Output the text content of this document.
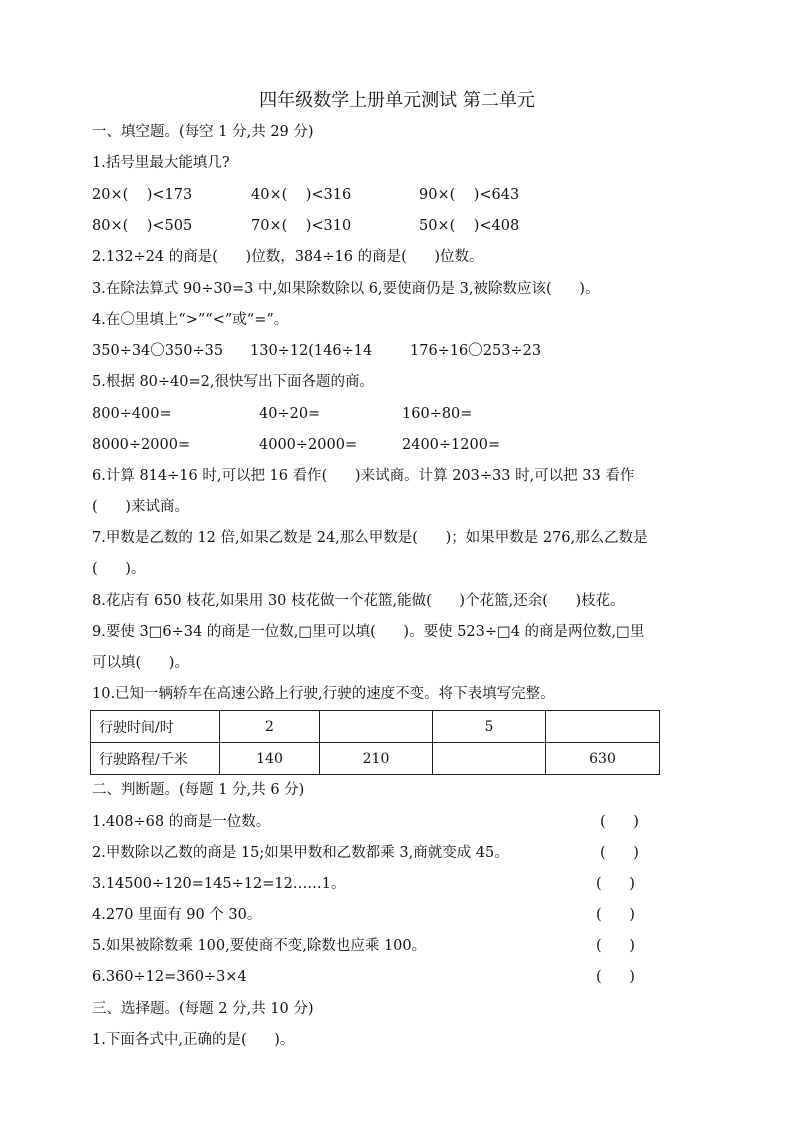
四年级数学上册单元测试 第二单元
一、填空题。(每空 1 分,共 29 分)
1.括号里最大能填几?
20×(    )<173	40×(    )<316	90×(    )<643
80×(    )<505	70×(    )<310	50×(    )<408
2.132÷24 的商是(      )位数，384÷16 的商是(      )位数。
3.在除法算式 90÷30=3 中,如果除数除以 6,要使商仍是 3,被除数应该(      )。
4.在〇里填上“>”“<”或“=”。
350÷34〇350÷35 130÷12(146÷14	176÷16〇253÷23
5.根据 80÷40=2,很快写出下面各题的商。
800÷400=	40÷20=	160÷80=
8000÷2000=	4000÷2000=	2400÷1200=
6.计算 814÷16 时,可以把 16 看作(      )来试商。计算 203÷33 时,可以把 33 看作
(      )来试商。
7.甲数是乙数的 12 倍,如果乙数是 24,那么甲数是(      )；如果甲数是 276,那么乙数是
(      )。
8.花店有 650 枝花,如果用 30 枝花做一个花篮,能做(      )个花篮,还余(      )枝花。
9.要使 3□6÷34 的商是一位数,□里可以填(      )。要使 523÷□4 的商是两位数,□里
可以填(      )。
10.已知一辆轿车在高速公路上行驶,行驶的速度不变。将下表填写完整。
行驶时间/时	2		5	
行驶路程/千米	140	210		630
二、判断题。(每题 1 分,共 6 分)
1.408÷68 的商是一位数。	(      )
2.甲数除以乙数的商是 15;如果甲数和乙数都乘 3,商就变成 45。	(      )
3.14500÷120=145÷12=12……1。	(      )
4.270 里面有 90 个 30。	(      )
5.如果被除数乘 100,要使商不变,除数也应乘 100。	(      )
6.360÷12=360÷3×4	(      )
三、选择题。(每题 2 分,共 10 分)
1.下面各式中,正确的是(      )。
